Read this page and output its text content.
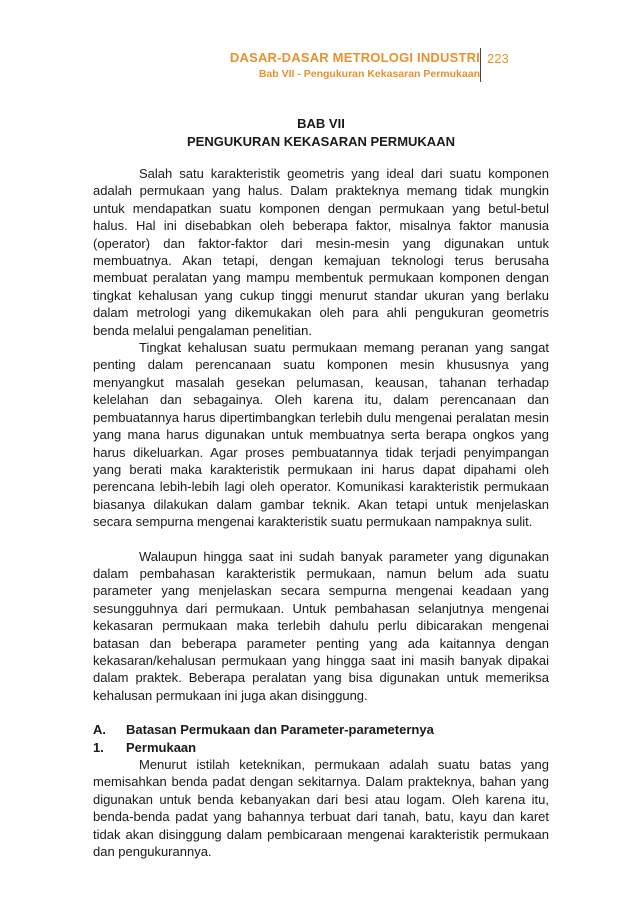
DASAR-DASAR METROLOGI INDUSTRI
Bab VII - Pengukuran Kekasaran Permukaan
223
BAB VII
PENGUKURAN KEKASARAN PERMUKAAN

Salah satu karakteristik geometris yang ideal dari suatu komponen adalah permukaan yang halus. Dalam prakteknya memang tidak mungkin untuk mendapatkan suatu komponen dengan permukaan yang betul-betul halus. Hal ini disebabkan oleh beberapa faktor, misalnya faktor manusia (operator) dan faktor-faktor dari mesin-mesin yang digunakan untuk membuatnya. Akan tetapi, dengan kemajuan teknologi terus berusaha membuat peralatan yang mampu membentuk permukaan komponen dengan tingkat kehalusan yang cukup tinggi menurut standar ukuran yang berlaku dalam metrologi yang dikemukakan oleh para ahli pengukuran geometris benda melalui pengalaman penelitian.

Tingkat kehalusan suatu permukaan memang peranan yang sangat penting dalam perencanaan suatu komponen mesin khususnya yang menyangkut masalah gesekan pelumasan, keausan, tahanan terhadap kelelahan dan sebagainya. Oleh karena itu, dalam perencanaan dan pembuatannya harus dipertimbangkan terlebih dulu mengenai peralatan mesin yang mana harus digunakan untuk membuatnya serta berapa ongkos yang harus dikeluarkan. Agar proses pembuatannya tidak terjadi penyimpangan yang berati maka karakteristik permukaan ini harus dapat dipahami oleh perencana lebih-lebih lagi oleh operator. Komunikasi karakteristik permukaan biasanya dilakukan dalam gambar teknik. Akan tetapi untuk menjelaskan secara sempurna mengenai karakteristik suatu permukaan nampaknya sulit.

Walaupun hingga saat ini sudah banyak parameter yang digunakan dalam pembahasan karakteristik permukaan, namun belum ada suatu parameter yang menjelaskan secara sempurna mengenai keadaan yang sesungguhnya dari permukaan. Untuk pembahasan selanjutnya mengenai kekasaran permukaan maka terlebih dahulu perlu dibicarakan mengenai batasan dan beberapa parameter penting yang ada kaitannya dengan kekasaran/kehalusan permukaan yang hingga saat ini masih banyak dipakai dalam praktek. Beberapa peralatan yang bisa digunakan untuk memeriksa kehalusan permukaan ini juga akan disinggung.

A.	Batasan Permukaan dan Parameter-parameternya
1.	Permukaan

Menurut istilah keteknikan, permukaan adalah suatu batas yang memisahkan benda padat dengan sekitarnya. Dalam prakteknya, bahan yang digunakan untuk benda kebanyakan dari besi atau logam. Oleh karena itu, benda-benda padat yang bahannya terbuat dari tanah, batu, kayu dan karet tidak akan disinggung dalam pembicaraan mengenai karakteristik permukaan dan pengukurannya.
